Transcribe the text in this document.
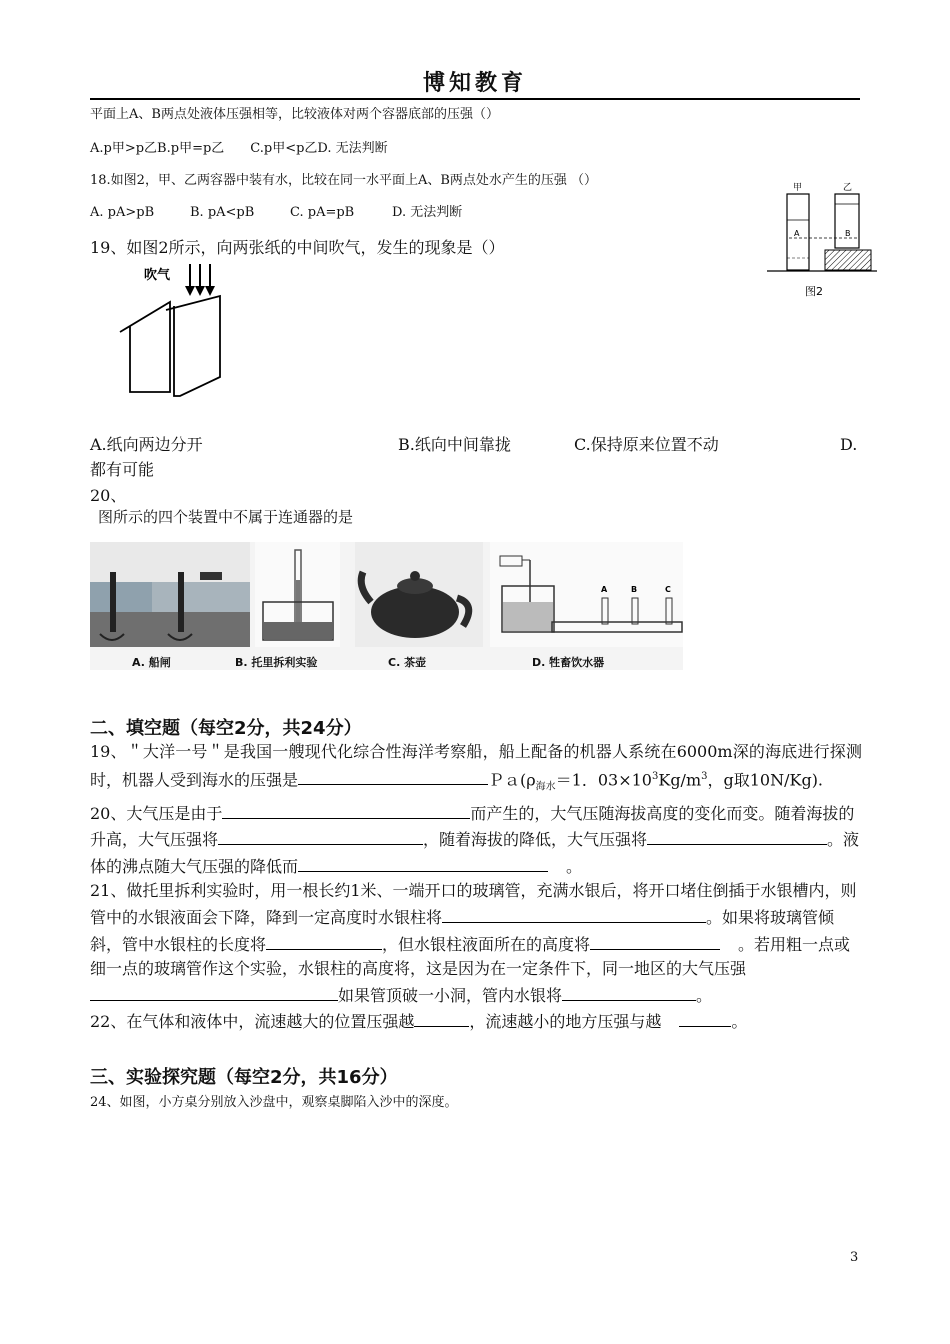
博知教育
平面上A、B两点处液体压强相等，比较液体对两个容器底部的压强（）
A.p甲>p乙B.p甲=p乙　　C.p甲<p乙D. 无法判断
18.如图2，甲、乙两容器中装有水，比较在同一水平面上A、B两点处水产生的压强 （）
A. pA>pB	B. pA<pB	C. pA=pB	D. 无法判断
甲	乙
A	B
图2
19、如图2所示，向两张纸的中间吹气，发生的现象是（）
吹气
A.纸向两边分开	B.纸向中间靠拢	C.保持原来位置不动	D.
都有可能
20、
图所示的四个装置中不属于连通器的是
A	B	C
A. 船闸	B. 托里拆利实验	C. 茶壶	D. 牲畜饮水器
二、填空题（每空2分，共24分）

19、＂大洋一号＂是我国一艘现代化综合性海洋考察船，船上配备的机器人系统在6000m深的海底进行探测时，机器人受到海水的压强是	$Pa(\rho_{海水}=1$．$03\times 10^3Kg/m^3$，g取10N/Kg).

20、大气压是由于	而产生的，大气压随海拔高度的变化而变。随着海拔的升高，大气压强将	，随着海拔的降低，大气压强将	。液体的沸点随大气压强的降低而	。

21、做托里拆利实验时，用一根长约1米、一端开口的玻璃管，充满水银后，将开口堵住倒插于水银槽内，则管中的水银液面会下降，降到一定高度时水银柱将	。如果将玻璃管倾斜，管中水银柱的长度将	，但水银柱液面所在的高度将	。若用粗一点或细一点的玻璃管作这个实验，水银柱的高度将，这是因为在一定条件下，同一地区的大气压强如果管顶破一小洞，管内水银将	。

22、在气体和液体中，流速越大的位置压强越	，流速越小的地方压强与越	。

三、实验探究题（每空2分，共16分）
24、如图，小方桌分别放入沙盘中，观察桌脚陷入沙中的深度。
3
